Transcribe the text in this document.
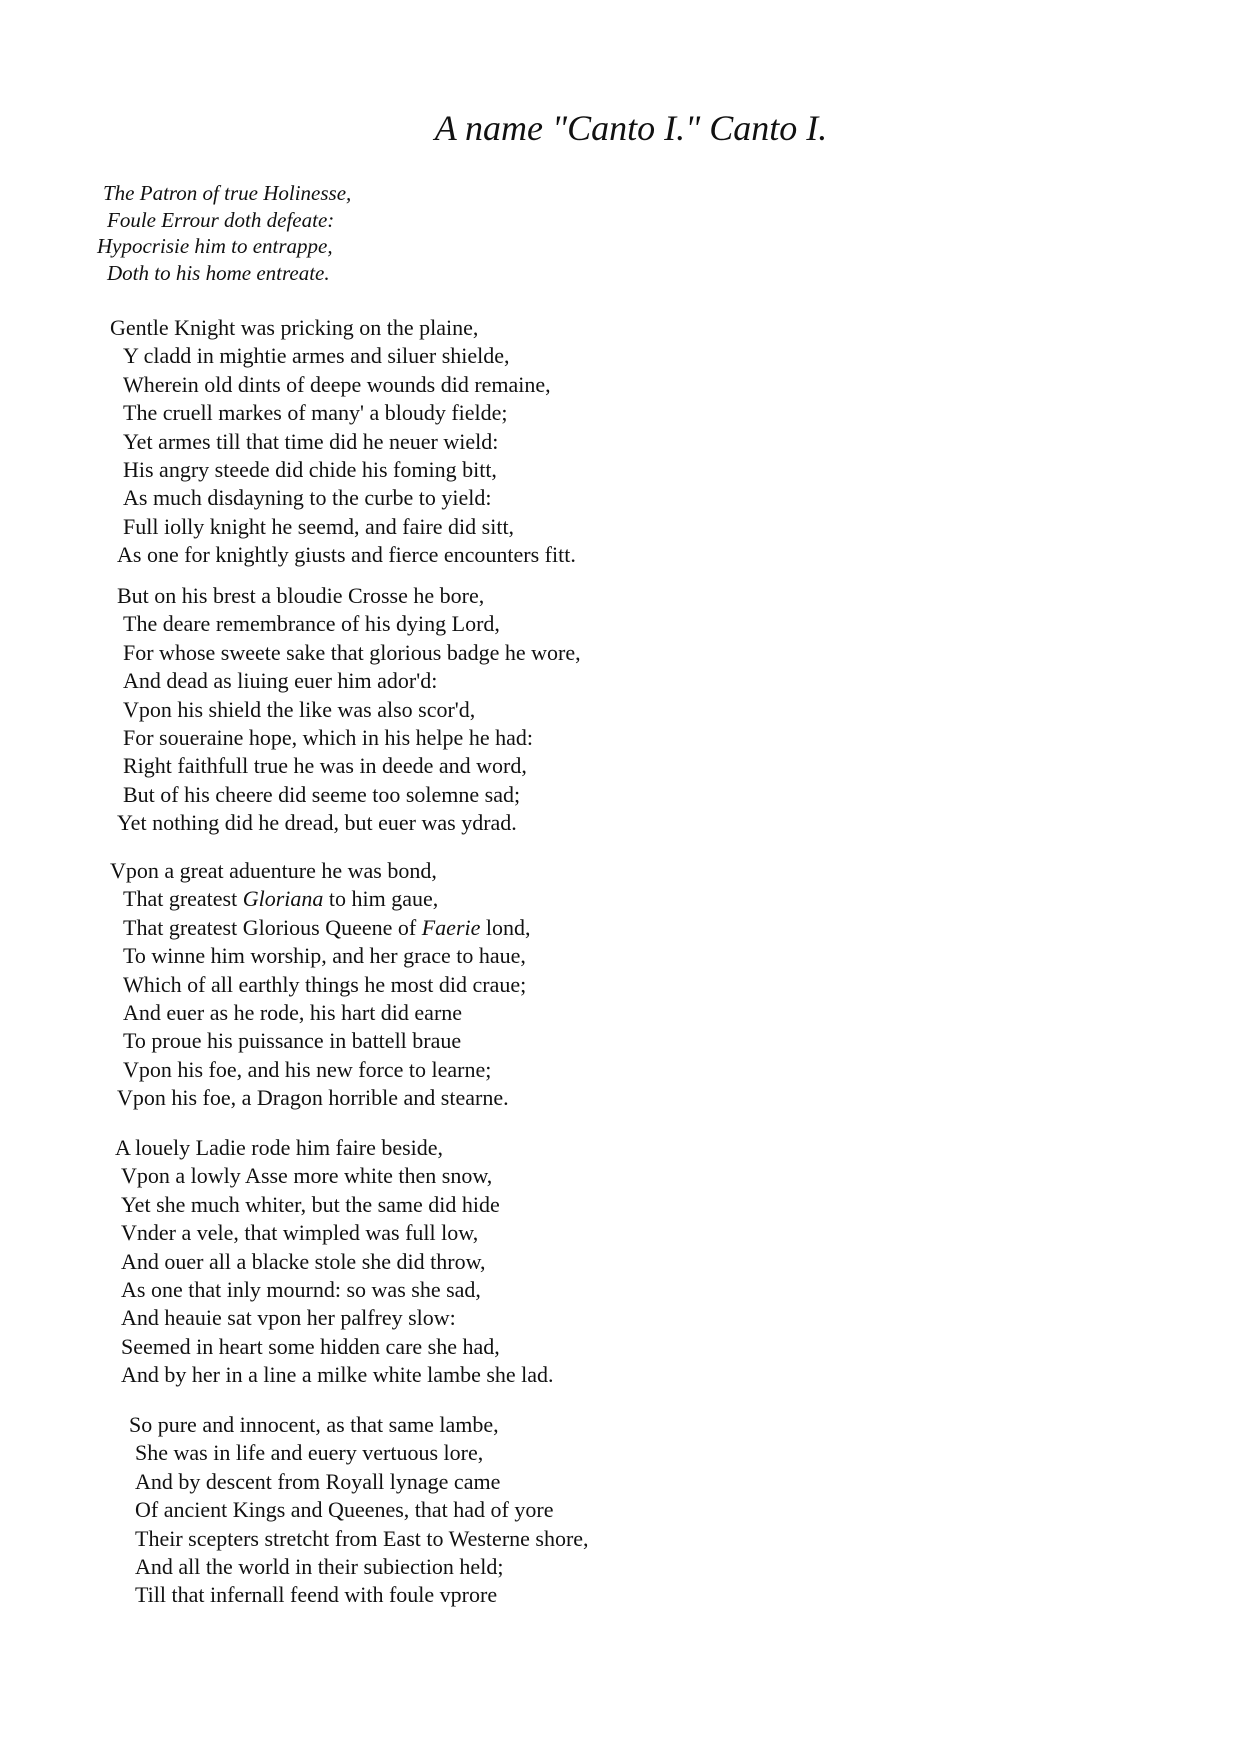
A name "Canto I." Canto I.
The Patron of true Holinesse,
Foule Errour doth defeate:
Hypocrisie him to entrappe,
Doth to his home entreate.
Gentle Knight was pricking on the plaine,
Y cladd in mightie armes and siluer shielde,
Wherein old dints of deepe wounds did remaine,
The cruell markes of many' a bloudy fielde;
Yet armes till that time did he neuer wield:
His angry steede did chide his foming bitt,
As much disdayning to the curbe to yield:
Full iolly knight he seemd, and faire did sitt,
As one for knightly giusts and fierce encounters fitt.
But on his brest a bloudie Crosse he bore,
The deare remembrance of his dying Lord,
For whose sweete sake that glorious badge he wore,
And dead as liuing euer him ador'd:
Vpon his shield the like was also scor'd,
For soueraine hope, which in his helpe he had:
Right faithfull true he was in deede and word,
But of his cheere did seeme too solemne sad;
Yet nothing did he dread, but euer was ydrad.
Vpon a great aduenture he was bond,
That greatest Gloriana to him gaue,
That greatest Glorious Queene of Faerie lond,
To winne him worship, and her grace to haue,
Which of all earthly things he most did craue;
And euer as he rode, his hart did earne
To proue his puissance in battell braue
Vpon his foe, and his new force to learne;
Vpon his foe, a Dragon horrible and stearne.
A louely Ladie rode him faire beside,
Vpon a lowly Asse more white then snow,
Yet she much whiter, but the same did hide
Vnder a vele, that wimpled was full low,
And ouer all a blacke stole she did throw,
As one that inly mournd: so was she sad,
And heauie sat vpon her palfrey slow:
Seemed in heart some hidden care she had,
And by her in a line a milke white lambe she lad.
So pure and innocent, as that same lambe,
She was in life and euery vertuous lore,
And by descent from Royall lynage came
Of ancient Kings and Queenes, that had of yore
Their scepters stretcht from East to Westerne shore,
And all the world in their subiection held;
Till that infernall feend with foule vprore
